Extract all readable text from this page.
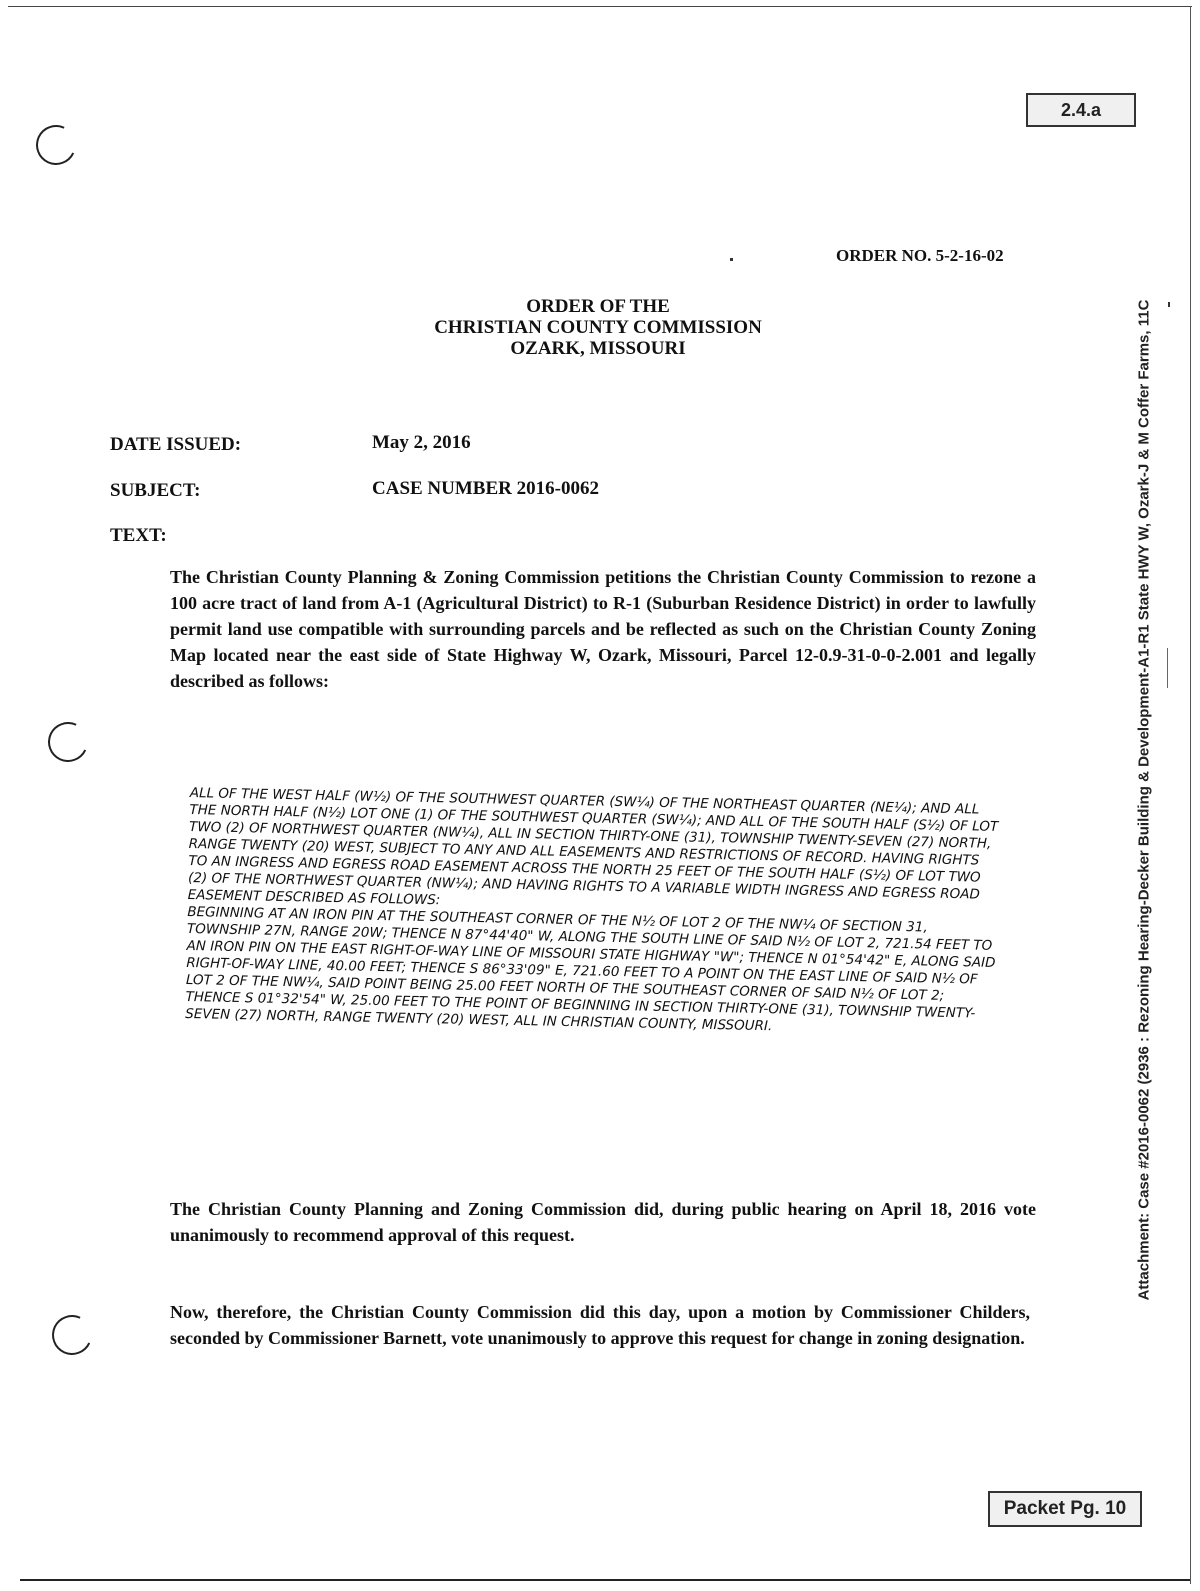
2.4.a
Packet Pg. 10
Attachment: Case #2016-0062 (2936 : Rezoning Hearing-Decker Building & Development-A1-R1 State HWY W, Ozark-J & M Coffer Farms, 11C
ORDER NO. 5-2-16-02
ORDER OF THE
CHRISTIAN COUNTY COMMISSION
OZARK, MISSOURI
DATE ISSUED:	May 2, 2016
SUBJECT:	CASE NUMBER 2016-0062
TEXT:
The Christian County Planning & Zoning Commission petitions the Christian County Commission to rezone a 100 acre tract of land from A-1 (Agricultural District) to R-1 (Suburban Residence District) in order to lawfully permit land use compatible with surrounding parcels and be reflected as such on the Christian County Zoning Map located near the east side of State Highway W, Ozark, Missouri, Parcel 12-0.9-31-0-0-2.001 and legally described as follows:

ALL OF THE WEST HALF (W½) OF THE SOUTHWEST QUARTER (SW¼) OF THE NORTHEAST QUARTER (NE¼); AND ALL THE NORTH HALF (N½) LOT ONE (1) OF THE SOUTHWEST QUARTER (SW¼); AND ALL OF THE SOUTH HALF (S½) OF LOT TWO (2) OF NORTHWEST QUARTER (NW¼), ALL IN SECTION THIRTY-ONE (31), TOWNSHIP TWENTY-SEVEN (27) NORTH, RANGE TWENTY (20) WEST, SUBJECT TO ANY AND ALL EASEMENTS AND RESTRICTIONS OF RECORD. HAVING RIGHTS TO AN INGRESS AND EGRESS ROAD EASEMENT ACROSS THE NORTH 25 FEET OF THE SOUTH HALF (S½) OF LOT TWO (2) OF THE NORTHWEST QUARTER (NW¼); AND HAVING RIGHTS TO A VARIABLE WIDTH INGRESS AND EGRESS ROAD EASEMENT DESCRIBED AS FOLLOWS:

BEGINNING AT AN IRON PIN AT THE SOUTHEAST CORNER OF THE N½ OF LOT 2 OF THE NW¼ OF SECTION 31, TOWNSHIP 27N, RANGE 20W; THENCE N 87°44'40" W, ALONG THE SOUTH LINE OF SAID N½ OF LOT 2, 721.54 FEET TO AN IRON PIN ON THE EAST RIGHT-OF-WAY LINE OF MISSOURI STATE HIGHWAY "W"; THENCE N 01°54'42" E, ALONG SAID RIGHT-OF-WAY LINE, 40.00 FEET; THENCE S 86°33'09" E, 721.60 FEET TO A POINT ON THE EAST LINE OF SAID N½ OF LOT 2 OF THE NW¼, SAID POINT BEING 25.00 FEET NORTH OF THE SOUTHEAST CORNER OF SAID N½ OF LOT 2; THENCE S 01°32'54" W, 25.00 FEET TO THE POINT OF BEGINNING IN SECTION THIRTY-ONE (31), TOWNSHIP TWENTY-SEVEN (27) NORTH, RANGE TWENTY (20) WEST, ALL IN CHRISTIAN COUNTY, MISSOURI.

The Christian County Planning and Zoning Commission did, during public hearing on April 18, 2016 vote unanimously to recommend approval of this request.
Now, therefore, the Christian County Commission did this day, upon a motion by Commissioner Childers, seconded by Commissioner Barnett, vote unanimously to approve this request for change in zoning designation.
